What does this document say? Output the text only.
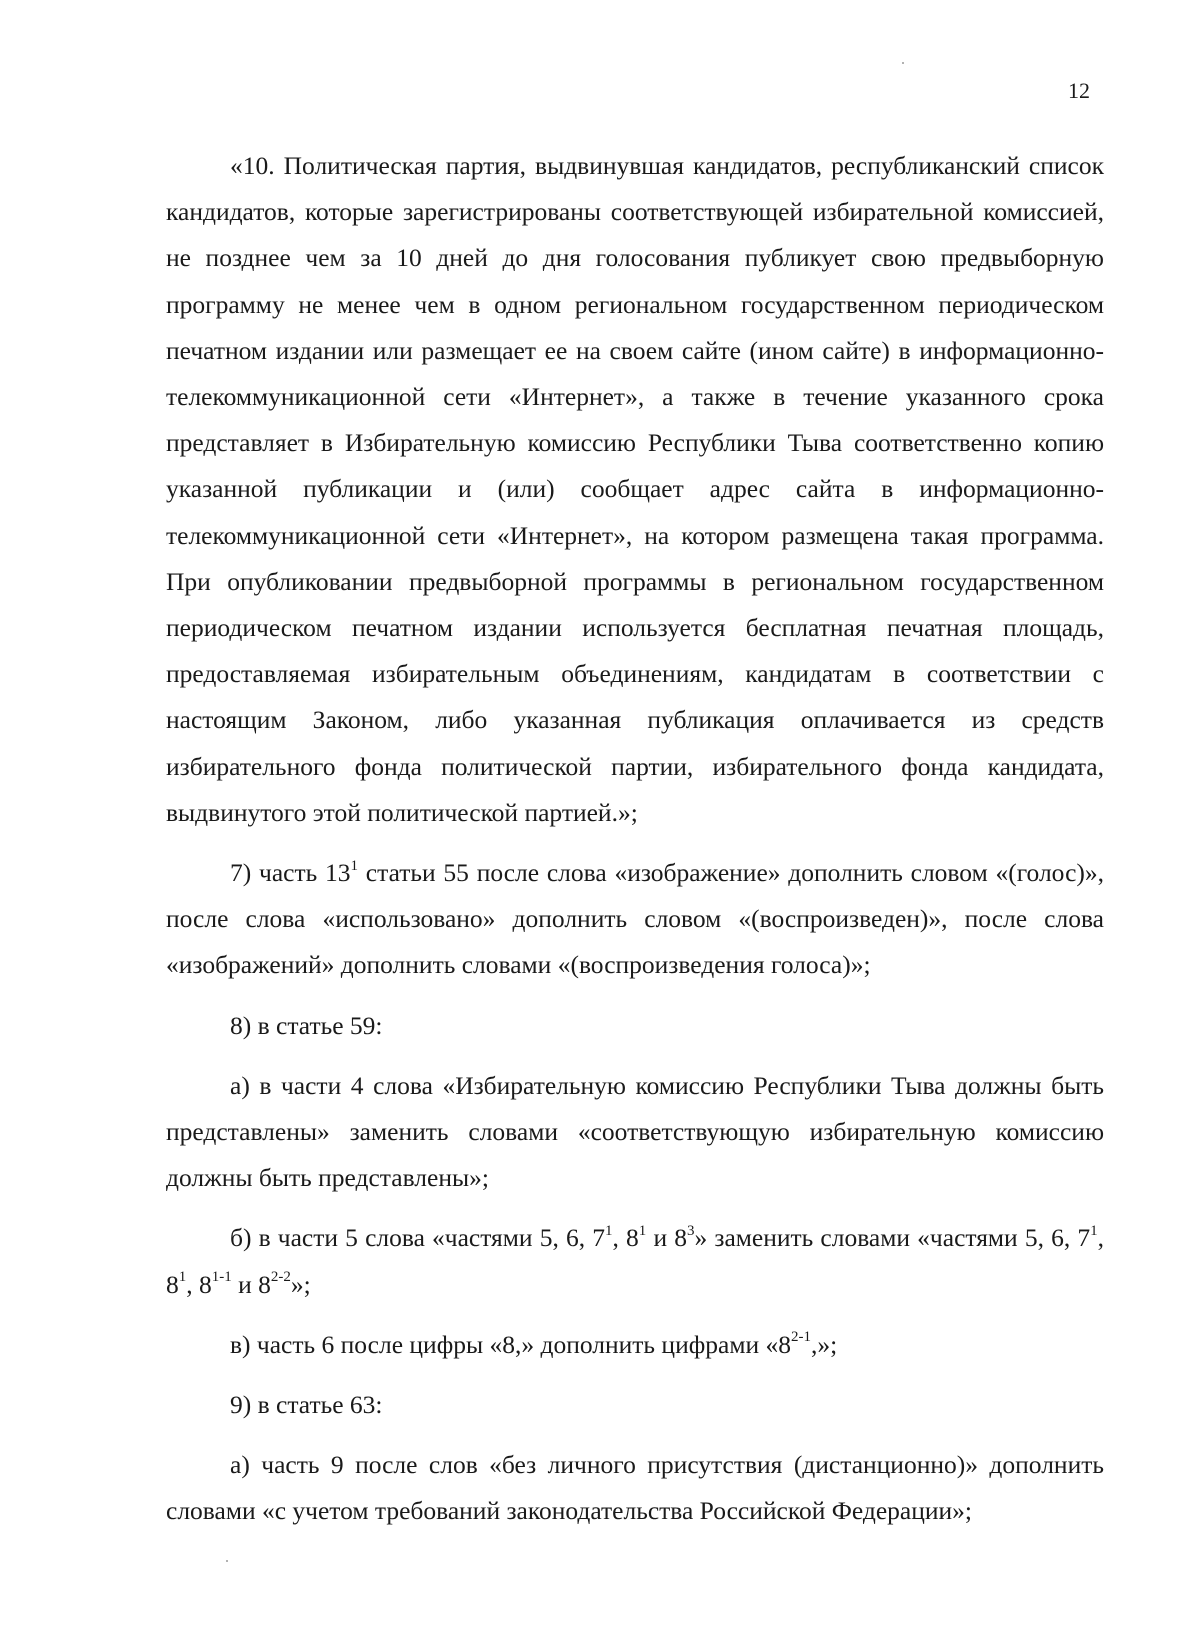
12

«10. Политическая партия, выдвинувшая кандидатов, республиканский список кандидатов, которые зарегистрированы соответствующей избирательной комиссией, не позднее чем за 10 дней до дня голосования публикует свою предвыборную программу не менее чем в одном региональном государственном периодическом печатном издании или размещает ее на своем сайте (ином сайте) в информационно-телекоммуникационной сети «Интернет», а также в течение указанного срока представляет в Избирательную комиссию Республики Тыва соответственно копию указанной публикации и (или) сообщает адрес сайта в информационно-телекоммуникационной сети «Интернет», на котором размещена такая программа. При опубликовании предвыборной программы в региональном государственном периодическом печатном издании используется бесплатная печатная площадь, предоставляемая избирательным объединениям, кандидатам в соответствии с настоящим Законом, либо указанная публикация оплачивается из средств избирательного фонда политической партии, избирательного фонда кандидата, выдвинутого этой политической партией.»;

7) часть $13^1$ статьи 55 после слова «изображение» дополнить словом «(голос)», после слова «использовано» дополнить словом «(воспроизведен)», после слова «изображений» дополнить словами «(воспроизведения голоса)»;

8) в статье 59:

а) в части 4 слова «Избирательную комиссию Республики Тыва должны быть представлены» заменить словами «соответствующую избирательную комиссию должны быть представлены»;

б) в части 5 слова «частями 5, 6, $7^1$, $8^1$ и $8^3$» заменить словами «частями 5, 6, $7^1$, $8^1$, 8$^{1-1}$ и 8$^{2-2}$»;

в) часть 6 после цифры «8,» дополнить цифрами «8$^{2-1}$,»;

9) в статье 63:

а) часть 9 после слов «без личного присутствия (дистанционно)» дополнить словами «с учетом требований законодательства Российской Федерации»;
